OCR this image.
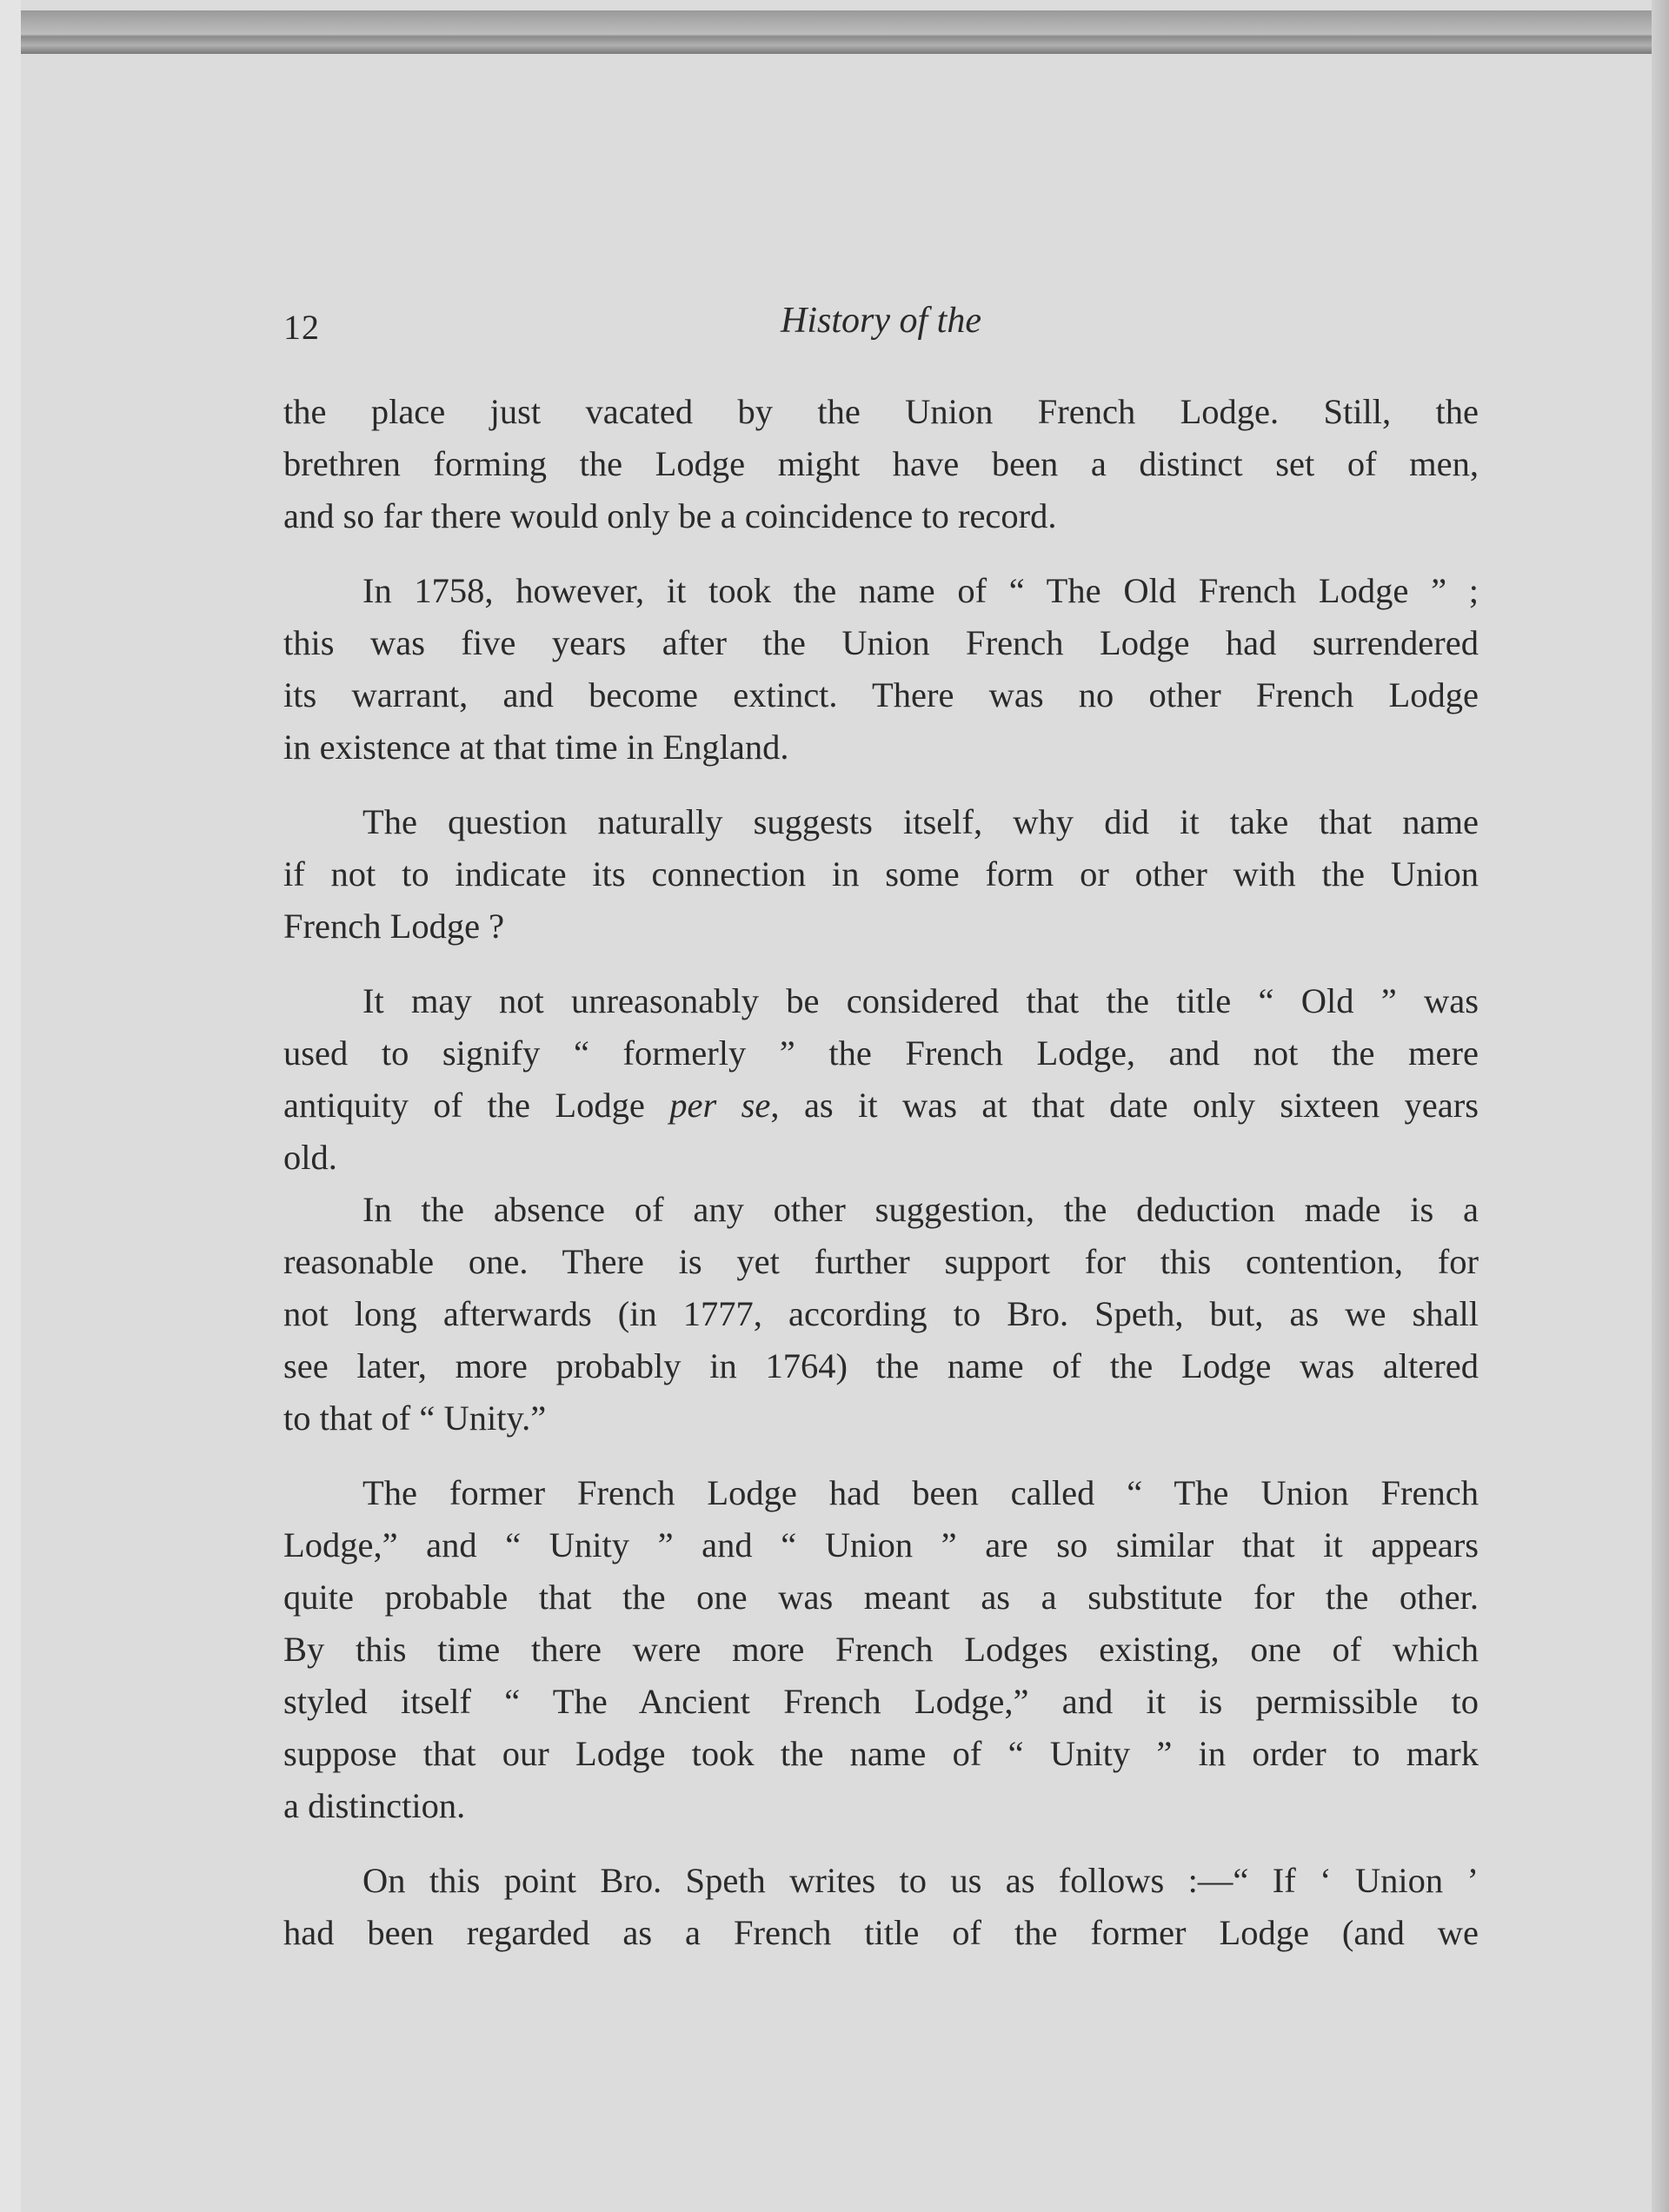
12	History of the
the place just vacated by the Union French Lodge. Still, the
brethren forming the Lodge might have been a distinct set of men,
and so far there would only be a coincidence to record.
In 1758, however, it took the name of “ The Old French Lodge ” ;
this was five years after the Union French Lodge had surrendered
its warrant, and become extinct. There was no other French Lodge
in existence at that time in England.
The question naturally suggests itself, why did it take that name
if not to indicate its connection in some form or other with the Union
French Lodge ?
It may not unreasonably be considered that the title “ Old ” was
used to signify “ formerly ” the French Lodge, and not the mere
antiquity of the Lodge per se, as it was at that date only sixteen years
old.
In the absence of any other suggestion, the deduction made is a
reasonable one. There is yet further support for this contention, for
not long afterwards (in 1777, according to Bro. Speth, but, as we shall
see later, more probably in 1764) the name of the Lodge was altered
to that of “ Unity.”
The former French Lodge had been called “ The Union French
Lodge,” and “ Unity ” and “ Union ” are so similar that it appears
quite probable that the one was meant as a substitute for the other.
By this time there were more French Lodges existing, one of which
styled itself “ The Ancient French Lodge,” and it is permissible to
suppose that our Lodge took the name of “ Unity ” in order to mark
a distinction.
On this point Bro. Speth writes to us as follows :—“ If ‘ Union ’
had been regarded as a French title of the former Lodge (and we
